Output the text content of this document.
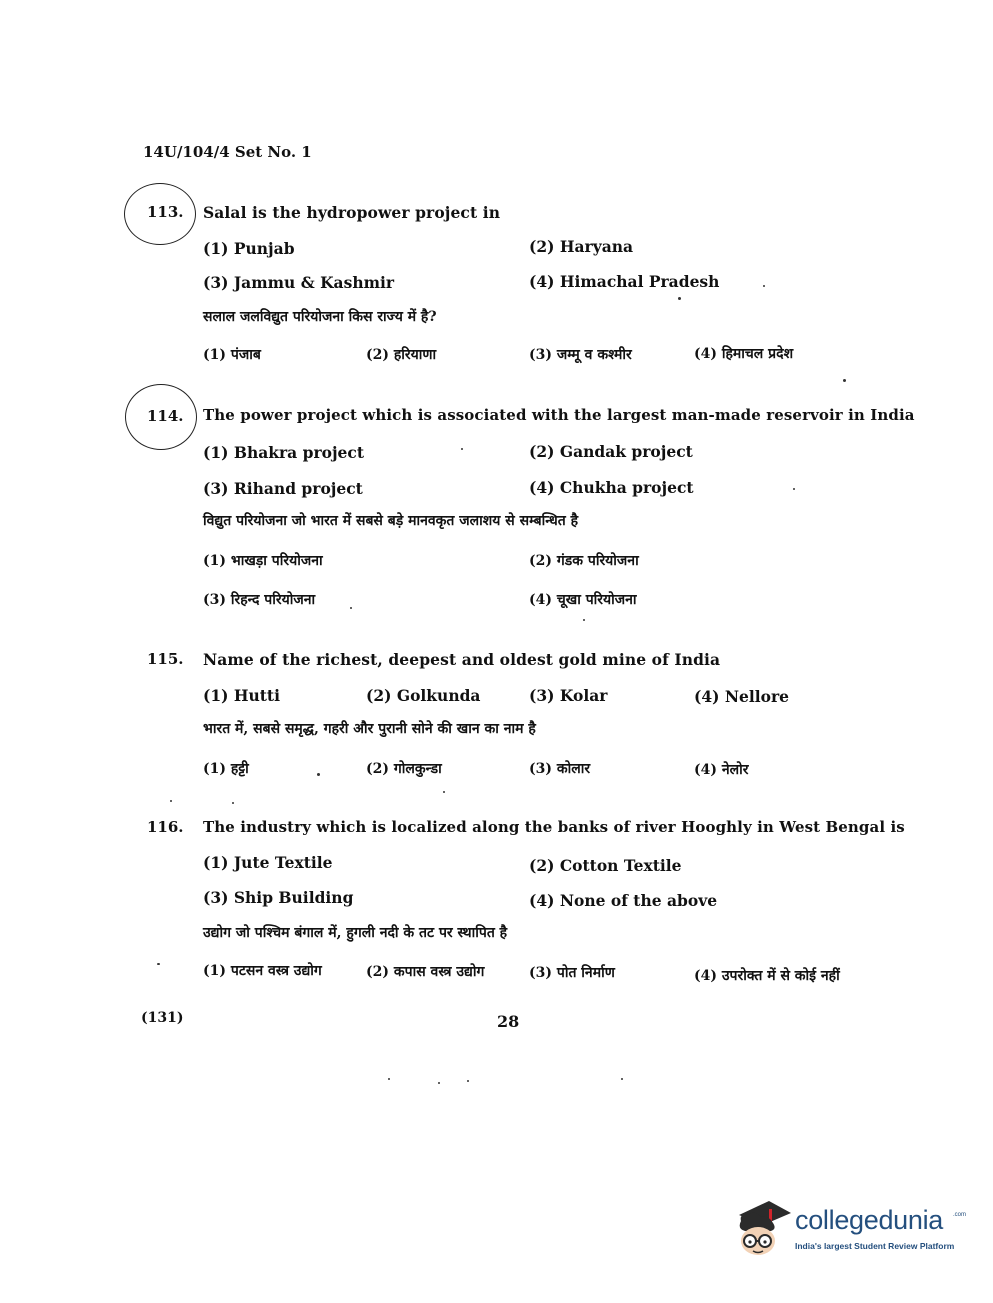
14U/104/4 Set No. 1
113. Salal is the hydropower project in
(1) Punjab	(2) Haryana
(3) Jammu & Kashmir	(4) Himachal Pradesh
सलाल जलविद्युत परियोजना किस राज्य में है?
(1) पंजाब	(2) हरियाणा	(3) जम्मू व कश्मीर	(4) हिमाचल प्रदेश
114. The power project which is associated with the largest man-made reservoir in India
(1) Bhakra project	(2) Gandak project
(3) Rihand project	(4) Chukha project
विद्युत परियोजना जो भारत में सबसे बड़े मानवकृत जलाशय से सम्बन्धित है
(1) भाखड़ा परियोजना	(2) गंडक परियोजना
(3) रिहन्द परियोजना	(4) चूखा परियोजना
115. Name of the richest, deepest and oldest gold mine of India
(1) Hutti	(2) Golkunda	(3) Kolar	(4) Nellore
भारत में, सबसे समृद्ध, गहरी और पुरानी सोने की खान का नाम है
(1) हट्टी	(2) गोलकुन्डा	(3) कोलार	(4) नेलोर
116. The industry which is localized along the banks of river Hooghly in West Bengal is
(1) Jute Textile	(2) Cotton Textile
(3) Ship Building	(4) None of the above
उद्योग जो पश्चिम बंगाल में, हुगली नदी के तट पर स्थापित है
(1) पटसन वस्त्र उद्योग	(2) कपास वस्त्र उद्योग	(3) पोत निर्माण	(4) उपरोक्त में से कोई नहीं
(131)	28
collegedunia .com
India's largest Student Review Platform
